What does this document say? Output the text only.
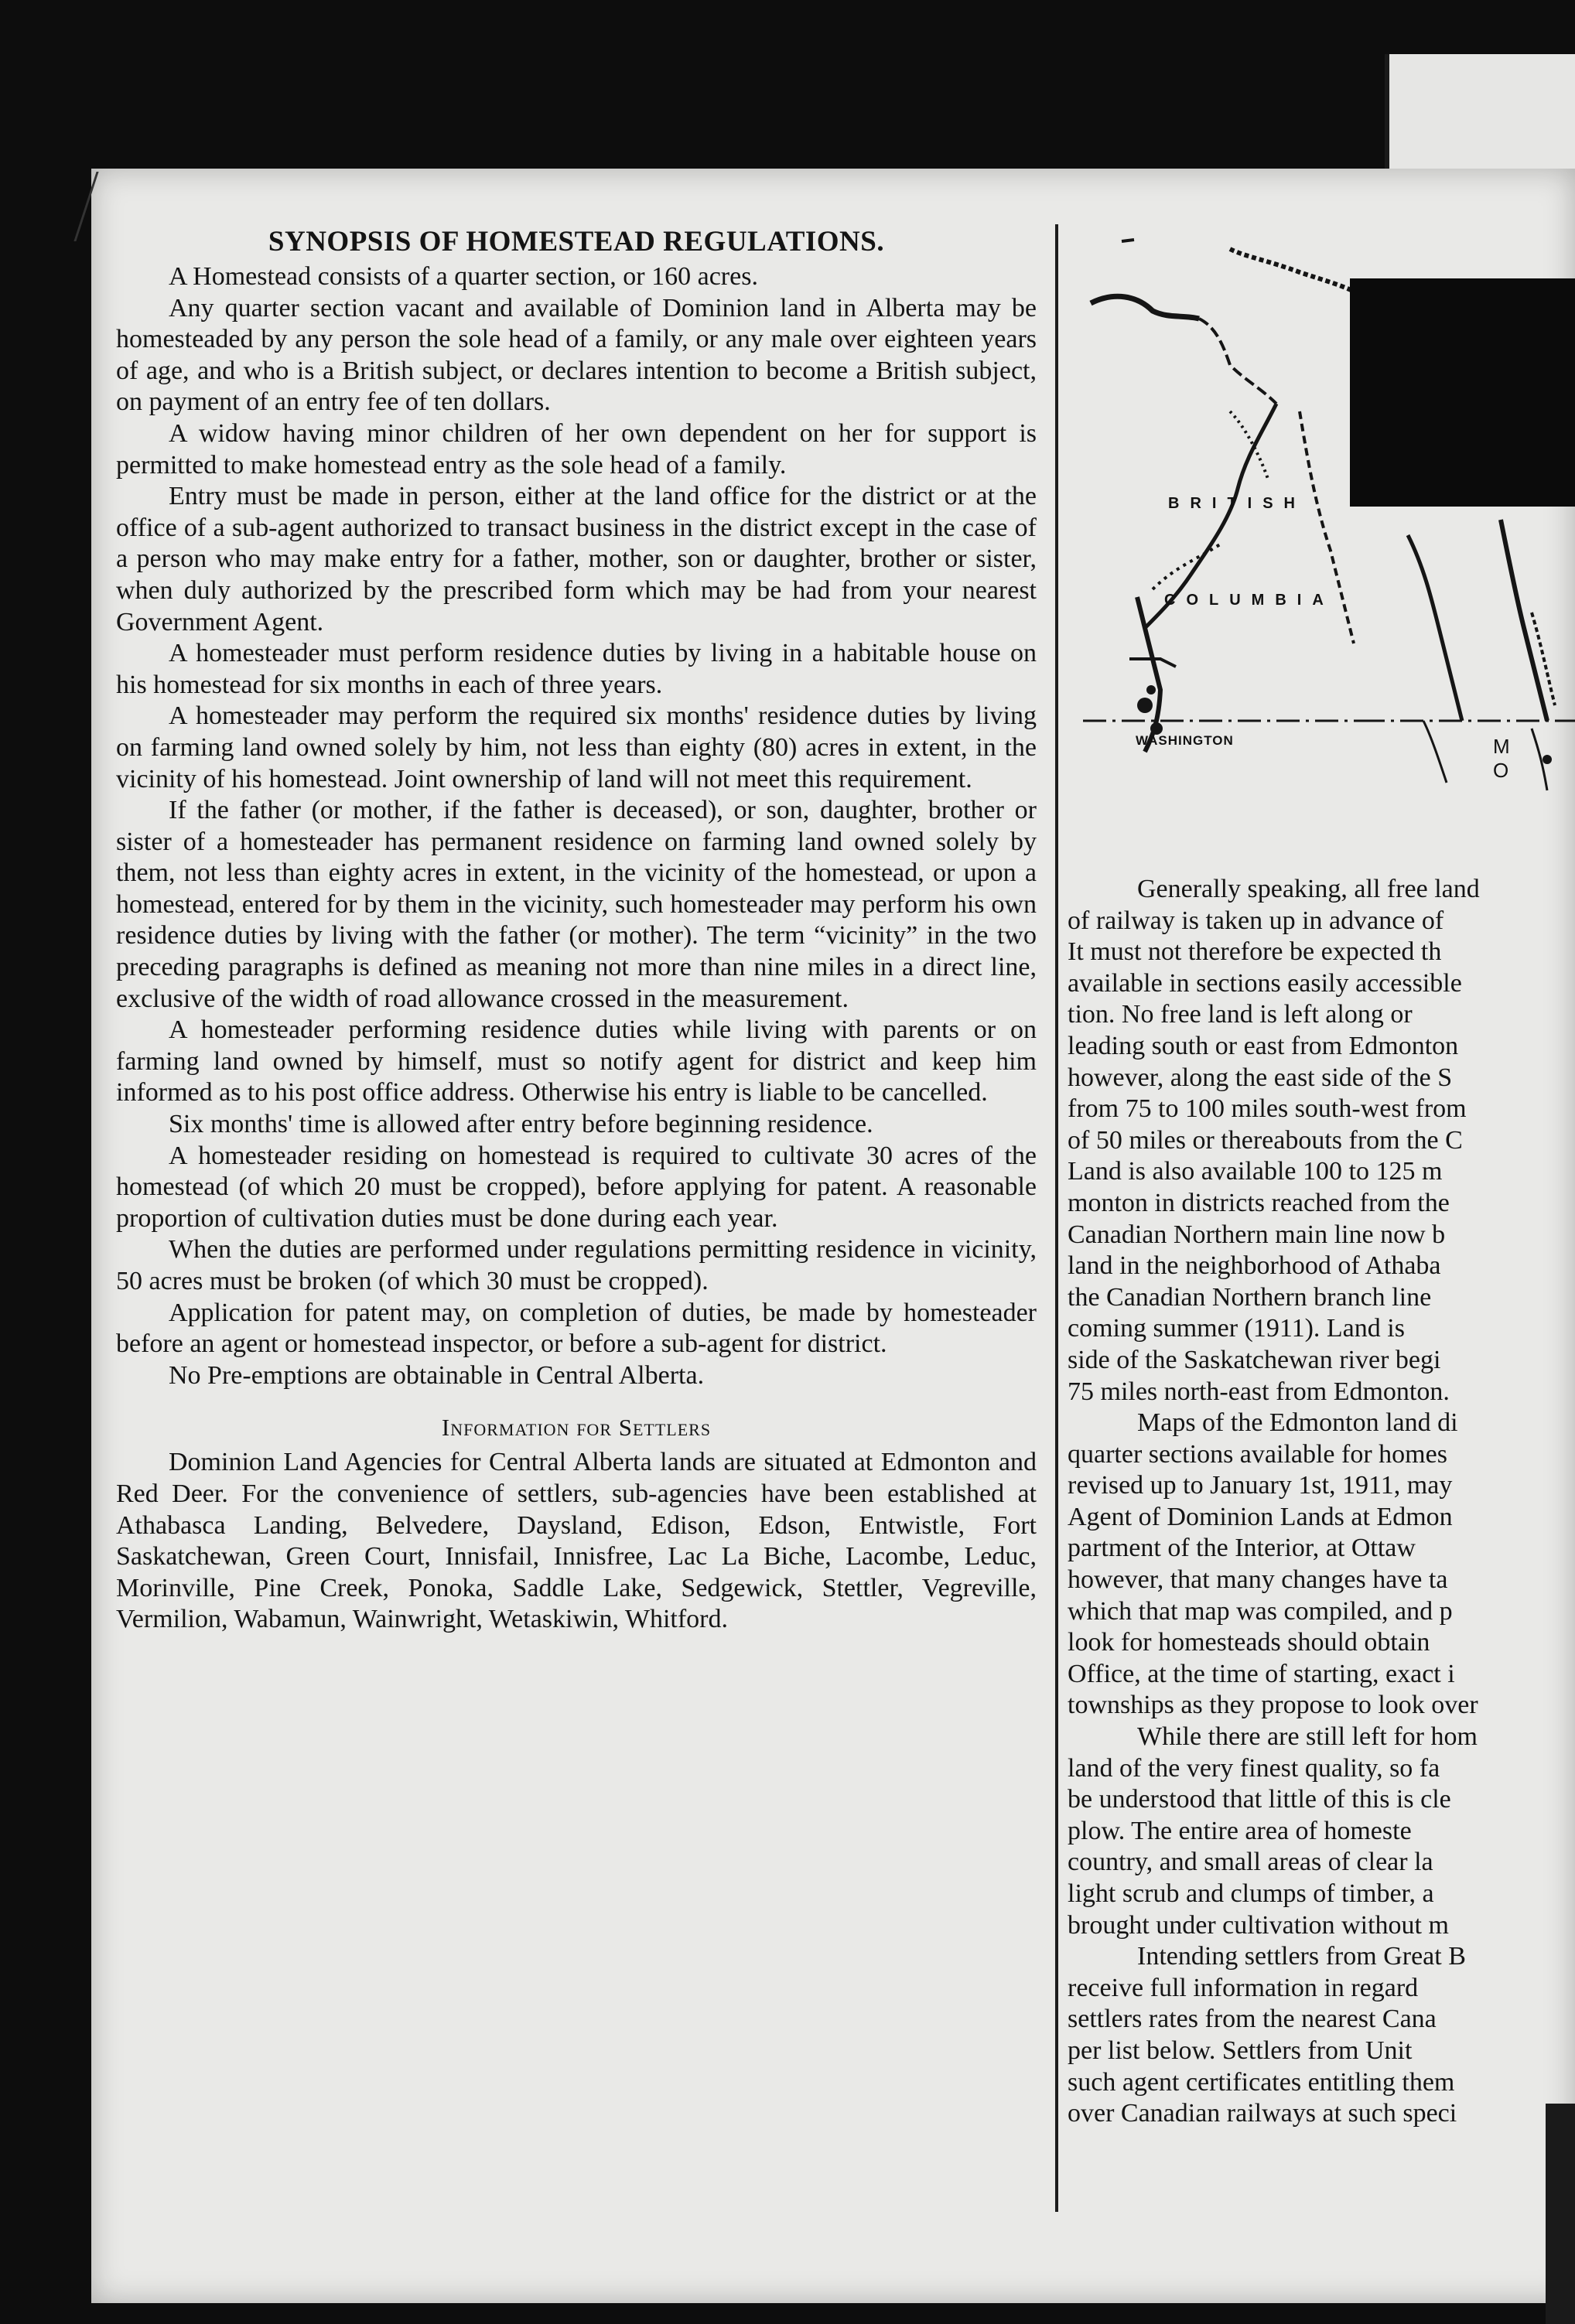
SYNOPSIS OF HOMESTEAD REGULATIONS.

A Homestead consists of a quarter section, or 160 acres.

Any quarter section vacant and available of Dominion land in Alberta may be homesteaded by any person the sole head of a family, or any male over eighteen years of age, and who is a British subject, or declares intention to become a British subject, on payment of an entry fee of ten dollars.

A widow having minor children of her own dependent on her for support is permitted to make homestead entry as the sole head of a family.

Entry must be made in person, either at the land office for the district or at the office of a sub-agent authorized to transact business in the district except in the case of a person who may make entry for a father, mother, son or daughter, brother or sister, when duly authorized by the prescribed form which may be had from your nearest Government Agent.

A homesteader must perform residence duties by living in a habitable house on his homestead for six months in each of three years.

A homesteader may perform the required six months' residence duties by living on farming land owned solely by him, not less than eighty (80) acres in extent, in the vicinity of his homestead. Joint ownership of land will not meet this requirement.

If the father (or mother, if the father is deceased), or son, daughter, brother or sister of a homesteader has permanent residence on farming land owned solely by them, not less than eighty acres in extent, in the vicinity of the homestead, or upon a homestead, entered for by them in the vicinity, such homesteader may perform his own residence duties by living with the father (or mother). The term “vicinity” in the two preceding paragraphs is defined as meaning not more than nine miles in a direct line, exclusive of the width of road allowance crossed in the measurement.

A homesteader performing residence duties while living with parents or on farming land owned by himself, must so notify agent for district and keep him informed as to his post office address. Otherwise his entry is liable to be cancelled.

Six months' time is allowed after entry before beginning residence.

A homesteader residing on homestead is required to cultivate 30 acres of the homestead (of which 20 must be cropped), before applying for patent. A reasonable proportion of cultivation duties must be done during each year.

When the duties are performed under regulations permitting residence in vicinity, 50 acres must be broken (of which 30 must be cropped).

Application for patent may, on completion of duties, be made by homesteader before an agent or homestead inspector, or before a sub-agent for district.

No Pre-emptions are obtainable in Central Alberta.

Information for Settlers

Dominion Land Agencies for Central Alberta lands are situated at Edmonton and Red Deer. For the convenience of settlers, sub-agencies have been established at Athabasca Landing, Belvedere, Daysland, Edison, Edson, Entwistle, Fort Saskatchewan, Green Court, Innisfail, Innisfree, Lac La Biche, Lacombe, Leduc, Morinville, Pine Creek, Ponoka, Saddle Lake, Sedgewick, Stettler, Vegreville, Vermilion, Wabamun, Wainwright, Wetaskiwin, Whitford.

BRITISH
COLUMBIA
WASHINGTON	M O
Generally speaking, all free land
of railway is taken up in advance of
It must not therefore be expected th
available in sections easily accessible
tion. No free land is left along or
leading south or east from Edmonton
however, along the east side of the S
from 75 to 100 miles south-west from
of 50 miles or thereabouts from the C
Land is also available 100 to 125 m
monton in districts reached from the
Canadian Northern main line now b
land in the neighborhood of Athaba
the Canadian Northern branch line
coming summer (1911). Land is
side of the Saskatchewan river begi
75 miles north-east from Edmonton.
Maps of the Edmonton land di
quarter sections available for homes
revised up to January 1st, 1911, may
Agent of Dominion Lands at Edmon
partment of the Interior, at Ottaw
however, that many changes have ta
which that map was compiled, and p
look for homesteads should obtain
Office, at the time of starting, exact i
townships as they propose to look over
While there are still left for hom
land of the very finest quality, so fa
be understood that little of this is cle
plow. The entire area of homeste
country, and small areas of clear la
light scrub and clumps of timber, a
brought under cultivation without m
Intending settlers from Great B
receive full information in regard
settlers rates from the nearest Cana
per list below. Settlers from Unit
such agent certificates entitling them
over Canadian railways at such speci
